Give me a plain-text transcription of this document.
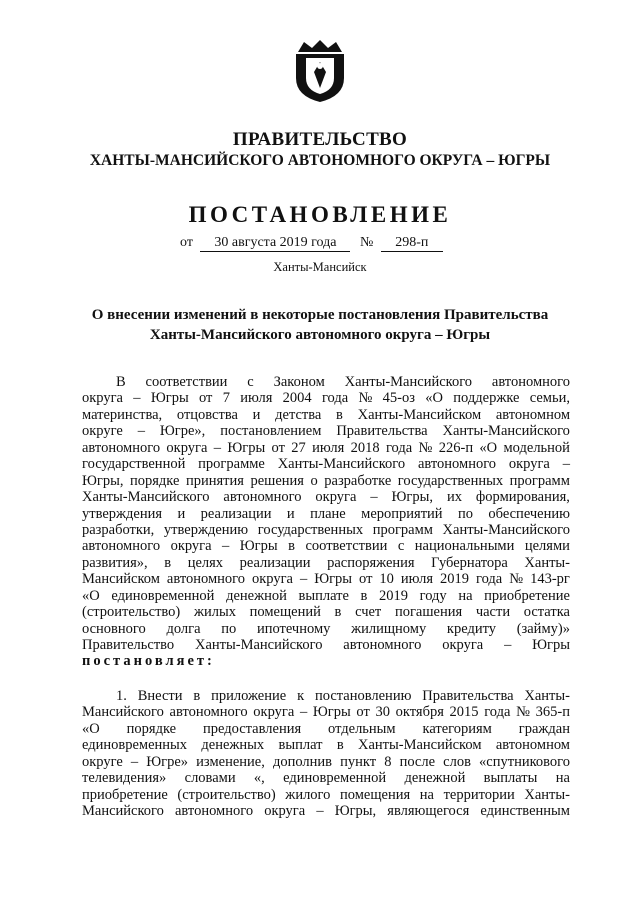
ПРАВИТЕЛЬСТВО
ХАНТЫ-МАНСИЙСКОГО АВТОНОМНОГО ОКРУГА – ЮГРЫ
ПОСТАНОВЛЕНИЕ
от 30 августа 2019 года № 298-п
Ханты-Мансийск
О внесении изменений в некоторые постановления Правительства
Ханты-Мансийского автономного округа – Югры
В соответствии с Законом Ханты-Мансийского автономного
округа – Югры от 7 июля 2004 года № 45-оз «О поддержке семьи,
материнства, отцовства и детства в Ханты-Мансийском автономном
округе – Югре», постановлением Правительства Ханты-Мансийского
автономного округа – Югры от 27 июля 2018 года № 226-п «О модельной
государственной программе Ханты-Мансийского автономного округа –
Югры, порядке принятия решения о разработке государственных программ
Ханты-Мансийского автономного округа – Югры, их формирования,
утверждения и реализации и плане мероприятий по обеспечению
разработки, утверждению государственных программ Ханты-Мансийского
автономного округа – Югры в соответствии с национальными целями
развития», в целях реализации распоряжения Губернатора Ханты-
Мансийском автономного округа – Югры от 10 июля 2019 года № 143-рг
«О единовременной денежной выплате в 2019 году на приобретение
(строительство) жилых помещений в счет погашения части остатка
основного долга по ипотечному жилищному кредиту (займу)»
Правительство Ханты-Мансийского автономного округа – Югры
постановляет:
1. Внести в приложение к постановлению Правительства Ханты-
Мансийского автономного округа – Югры от 30 октября 2015 года № 365-п
«О порядке предоставления отдельным категориям граждан
единовременных денежных выплат в Ханты-Мансийском автономном
округе – Югре» изменение, дополнив пункт 8 после слов «спутникового
телевидения» словами «, единовременной денежной выплаты на
приобретение (строительство) жилого помещения на территории Ханты-
Мансийского автономного округа – Югры, являющегося единственным
